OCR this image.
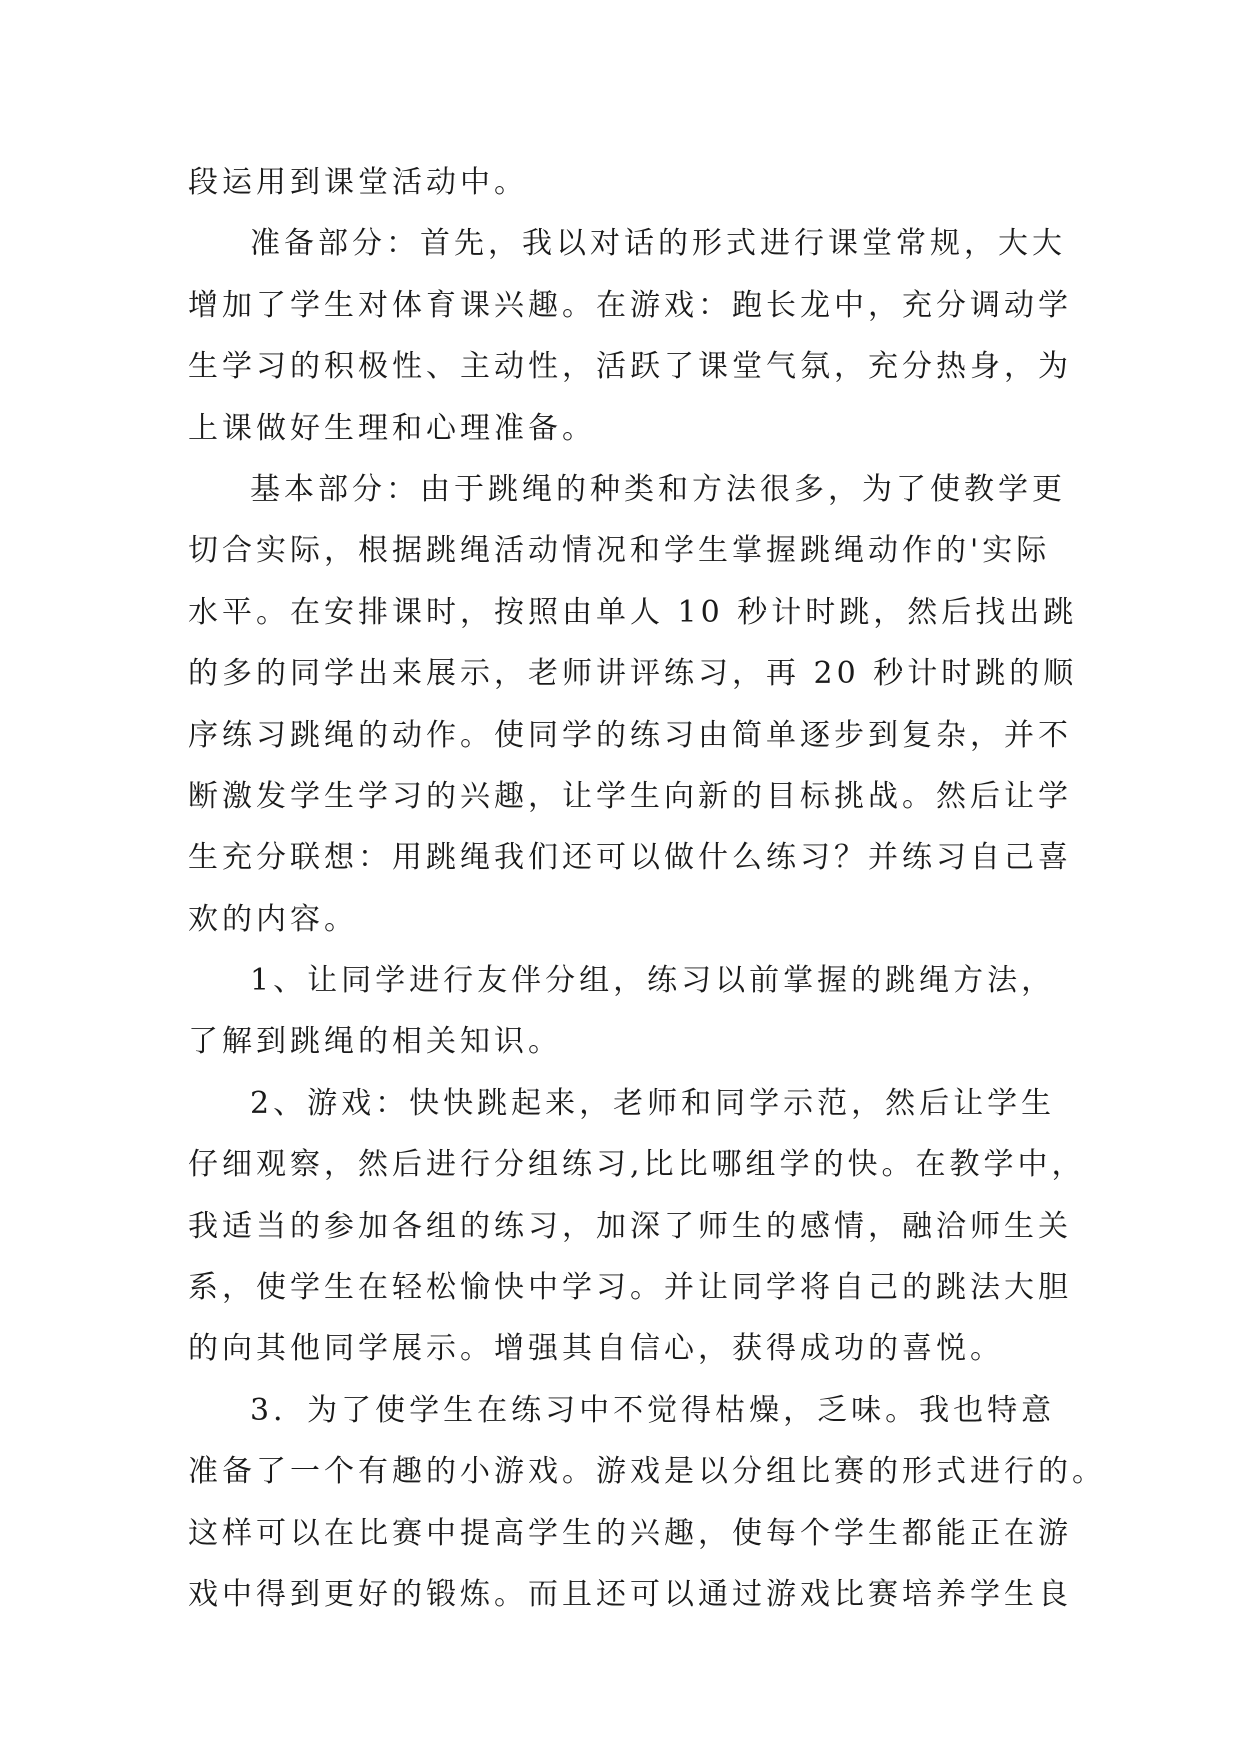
段运用到课堂活动中。
准备部分：首先，我以对话的形式进行课堂常规，大大
增加了学生对体育课兴趣。在游戏：跑长龙中，充分调动学
生学习的积极性、主动性，活跃了课堂气氛，充分热身，为
上课做好生理和心理准备。
基本部分：由于跳绳的种类和方法很多，为了使教学更
切合实际，根据跳绳活动情况和学生掌握跳绳动作的'实际
水平。在安排课时，按照由单人 10 秒计时跳，然后找出跳
的多的同学出来展示，老师讲评练习，再 20 秒计时跳的顺
序练习跳绳的动作。使同学的练习由简单逐步到复杂，并不
断激发学生学习的兴趣，让学生向新的目标挑战。然后让学
生充分联想：用跳绳我们还可以做什么练习？并练习自己喜
欢的内容。
1、让同学进行友伴分组，练习以前掌握的跳绳方法，
了解到跳绳的相关知识。
2、游戏：快快跳起来，老师和同学示范，然后让学生
仔细观察，然后进行分组练习,比比哪组学的快。在教学中，
我适当的参加各组的练习，加深了师生的感情，融洽师生关
系，使学生在轻松愉快中学习。并让同学将自己的跳法大胆
的向其他同学展示。增强其自信心，获得成功的喜悦。
3．为了使学生在练习中不觉得枯燥，乏味。我也特意
准备了一个有趣的小游戏。游戏是以分组比赛的形式进行的。
这样可以在比赛中提高学生的兴趣，使每个学生都能正在游
戏中得到更好的锻炼。而且还可以通过游戏比赛培养学生良
